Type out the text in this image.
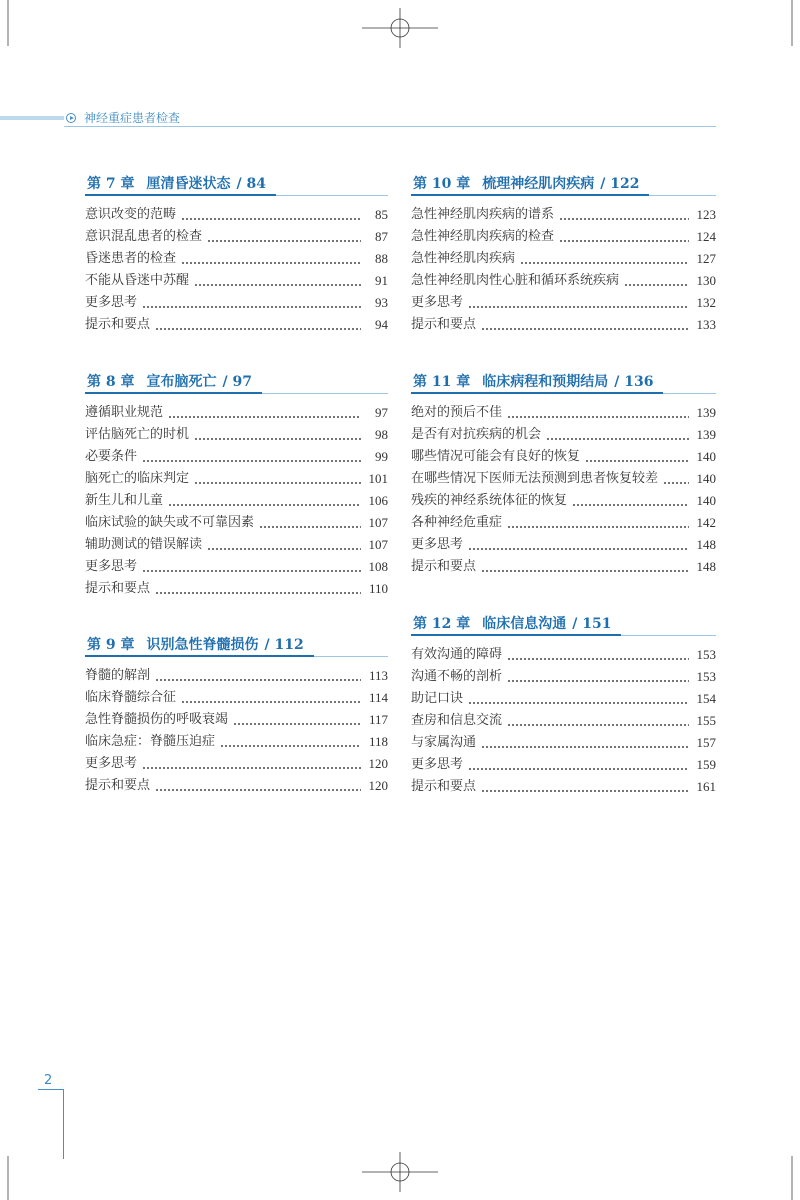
神经重症患者检查
第 7 章 厘清昏迷状态 / 84
意识改变的范畴	85
意识混乱患者的检查	87
昏迷患者的检查	88
不能从昏迷中苏醒	91
更多思考	93
提示和要点	94
第 8 章 宣布脑死亡 / 97
遵循职业规范	97
评估脑死亡的时机	98
必要条件	99
脑死亡的临床判定	101
新生儿和儿童	106
临床试验的缺失或不可靠因素	107
辅助测试的错误解读	107
更多思考	108
提示和要点	110
第 9 章 识别急性脊髓损伤 / 112
脊髓的解剖	113
临床脊髓综合征	114
急性脊髓损伤的呼吸衰竭	117
临床急症：脊髓压迫症	118
更多思考	120
提示和要点	120
第 10 章 梳理神经肌肉疾病 / 122
急性神经肌肉疾病的谱系	123
急性神经肌肉疾病的检查	124
急性神经肌肉疾病	127
急性神经肌肉性心脏和循环系统疾病	130
更多思考	132
提示和要点	133
第 11 章 临床病程和预期结局 / 136
绝对的预后不佳	139
是否有对抗疾病的机会	139
哪些情况可能会有良好的恢复	140
在哪些情况下医师无法预测到患者恢复较差	140
残疾的神经系统体征的恢复	140
各种神经危重症	142
更多思考	148
提示和要点	148
第 12 章 临床信息沟通 / 151
有效沟通的障碍	153
沟通不畅的剖析	153
助记口诀	154
查房和信息交流	155
与家属沟通	157
更多思考	159
提示和要点	161
2
